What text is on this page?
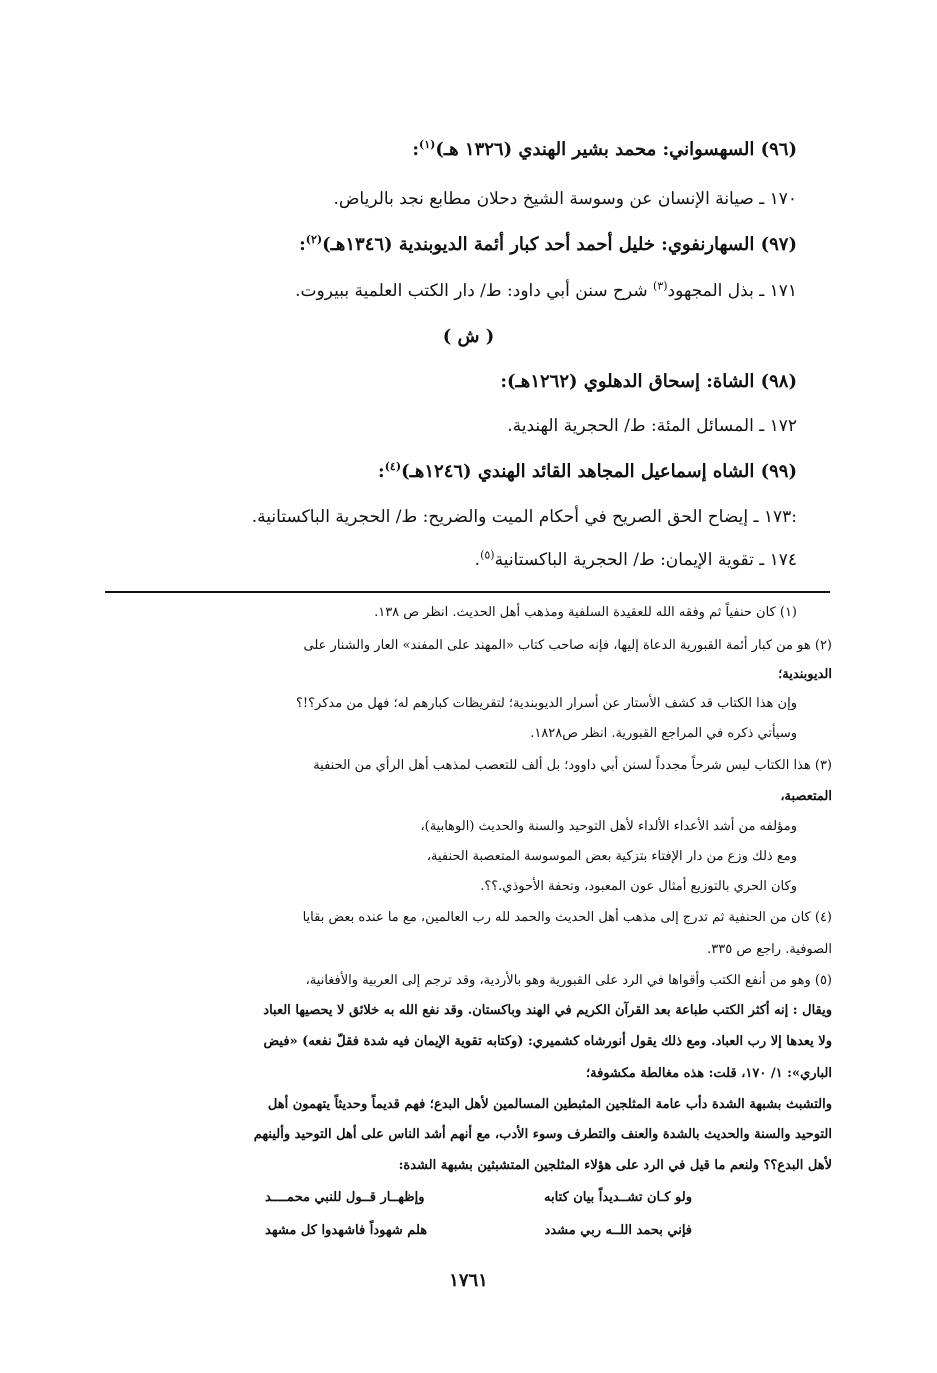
(٩٦) السهسواني: محمد بشير الهندي (١٣٢٦ هـ)$^{(١)}$:
١٧٠ ـ صيانة الإنسان عن وسوسة الشيخ دحلان مطابع نجد بالرياض.
(٩٧) السهارنفوي: خليل أحمد أحد كبار أئمة الديوبندية (١٣٤٦هـ)$^{(٢)}$:
١٧١ ـ بذل المجهود$^{(٣)}$ شرح سنن أبي داود: ط/ دار الكتب العلمية ببيروت.
( ش )
(٩٨) الشاة: إسحاق الدهلوي (١٢٦٢هـ):
١٧٢ ـ المسائل المئة: ط/ الحجرية الهندية.
(٩٩) الشاه إسماعيل المجاهد القائد الهندي (١٢٤٦هـ)$^{(٤)}$:
:١٧٣ ـ إيضاح الحق الصريح في أحكام الميت والضريح: ط/ الحجرية الباكستانية.
١٧٤ ـ تقوية الإيمان: ط/ الحجرية الباكستانية$^{(٥)}$.
(١) كان حنفياً ثم وفقه الله للعقيدة السلفية ومذهب أهل الحديث. انظر ص ١٣٨.
(٢) هو من كبار أئمة القبورية الدعاة إليها، فإنه صاحب كتاب «المهند على المفند» العار والشنار على
الديوبندية؛
وإن هذا الكتاب قد كشف الأستار عن أسرار الديوبندية؛ لتقريظات كبارهم له؛ فهل من مدكر؟!؟
وسيأتي ذكره في المراجع القبورية. انظر ص١٨٢٨.
(٣) هذا الكتاب ليس شرحاً مجدداً لسنن أبي داوود؛ بل ألف للتعصب لمذهب أهل الرأي من الحنفية
المتعصبة،
ومؤلفه من أشد الأعداء الألداء لأهل التوحيد والسنة والحديث (الوهابية)،
ومع ذلك وزع من دار الإفتاء بتزكية بعض الموسوسة المتعصبة الحنفية،
وكان الحري بالتوزيع أمثال عون المعبود، وتحفة الأحوذي.؟؟.
(٤) كان من الحنفية ثم تدرج إلى مذهب أهل الحديث والحمد لله رب العالمين، مع ما عنده بعض بقايا
الصوفية. راجع ص ٣٣٥.
(٥) وهو من أنفع الكتب وأقواها في الرد على القبورية وهو بالأردية، وقد ترجم إلى العربية والأفغانية،
ويقال : إنه أكثر الكتب طباعة بعد القرآن الكريم في الهند وباكستان. وقد نفع الله به خلائق لا يحصيها العباد
ولا يعدها إلا رب العباد. ومع ذلك يقول أنورشاه كشميري: (وكتابه تقوية الإيمان فيه شدة فقلّ نفعه) «فيض
الباري»: ١/ ١٧٠، قلت: هذه مغالطة مكشوفة؛
والتشبث بشبهة الشدة دأب عامة المثلجين المثبطين المسالمين لأهل البدع؛ فهم قديماً وحديثاً يتهمون أهل
التوحيد والسنة والحديث بالشدة والعنف والتطرف وسوء الأدب، مع أنهم أشد الناس على أهل التوحيد وألينهم
لأهل البدع؟؟ ولنعم ما قيل في الرد على هؤلاء المثلجين المتشبثين بشبهة الشدة:
ولو كـان تشــديداً بيان كتابه
وإظهــار قــول للنبي محمــــد
فإني بحمد اللــه ربي مشدد
هلم شهوداً فاشهدوا كل مشهد
١٧٦١
